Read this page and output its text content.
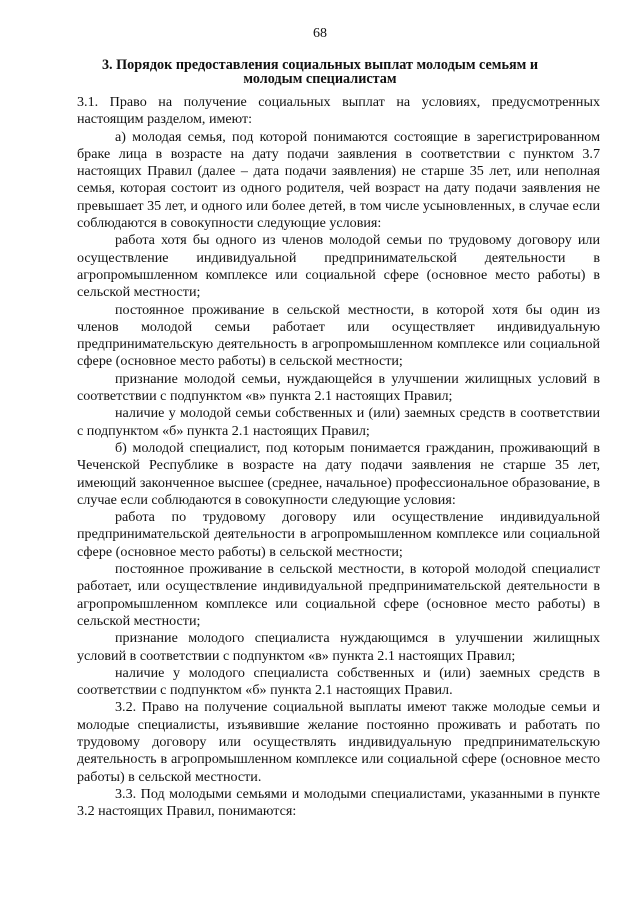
68
3. Порядок предоставления социальных выплат молодым семьям и молодым специалистам

3.1. Право на получение социальных выплат на условиях, предусмотренных настоящим разделом, имеют:

а) молодая семья, под которой понимаются состоящие в зарегистрированном браке лица в возрасте на дату подачи заявления в соответствии с пунктом 3.7 настоящих Правил (далее – дата подачи заявления) не старше 35 лет, или неполная семья, которая состоит из одного родителя, чей возраст на дату подачи заявления не превышает 35 лет, и одного или более детей, в том числе усыновленных, в случае если соблюдаются в совокупности следующие условия:

работа хотя бы одного из членов молодой семьи по трудовому договору или осуществление индивидуальной предпринимательской деятельности в агропромышленном комплексе или социальной сфере (основное место работы) в сельской местности;

постоянное проживание в сельской местности, в которой хотя бы один из членов молодой семьи работает или осуществляет индивидуальную предпринимательскую деятельность в агропромышленном комплексе или социальной сфере (основное место работы) в сельской местности;

признание молодой семьи, нуждающейся в улучшении жилищных условий в соответствии с подпунктом «в» пункта 2.1 настоящих Правил;

наличие у молодой семьи собственных и (или) заемных средств в соответствии с подпунктом «б» пункта 2.1 настоящих Правил;

б) молодой специалист, под которым понимается гражданин, проживающий в Чеченской Республике в возрасте на дату подачи заявления не старше 35 лет, имеющий законченное высшее (среднее, начальное) профессиональное образование, в случае если соблюдаются в совокупности следующие условия:

работа по трудовому договору или осуществление индивидуальной предпринимательской деятельности в агропромышленном комплексе или социальной сфере (основное место работы) в сельской местности;

постоянное проживание в сельской местности, в которой молодой специалист работает, или осуществление индивидуальной предпринимательской деятельности в агропромышленном комплексе или социальной сфере (основное место работы) в сельской местности;

признание молодого специалиста нуждающимся в улучшении жилищных условий в соответствии с подпунктом «в» пункта 2.1 настоящих Правил;

наличие у молодого специалиста собственных и (или) заемных средств в соответствии с подпунктом «б» пункта 2.1 настоящих Правил.

3.2. Право на получение социальной выплаты имеют также молодые семьи и молодые специалисты, изъявившие желание постоянно проживать и работать по трудовому договору или осуществлять индивидуальную предпринимательскую деятельность в агропромышленном комплексе или социальной сфере (основное место работы) в сельской местности.

3.3. Под молодыми семьями и молодыми специалистами, указанными в пункте 3.2 настоящих Правил, понимаются:
